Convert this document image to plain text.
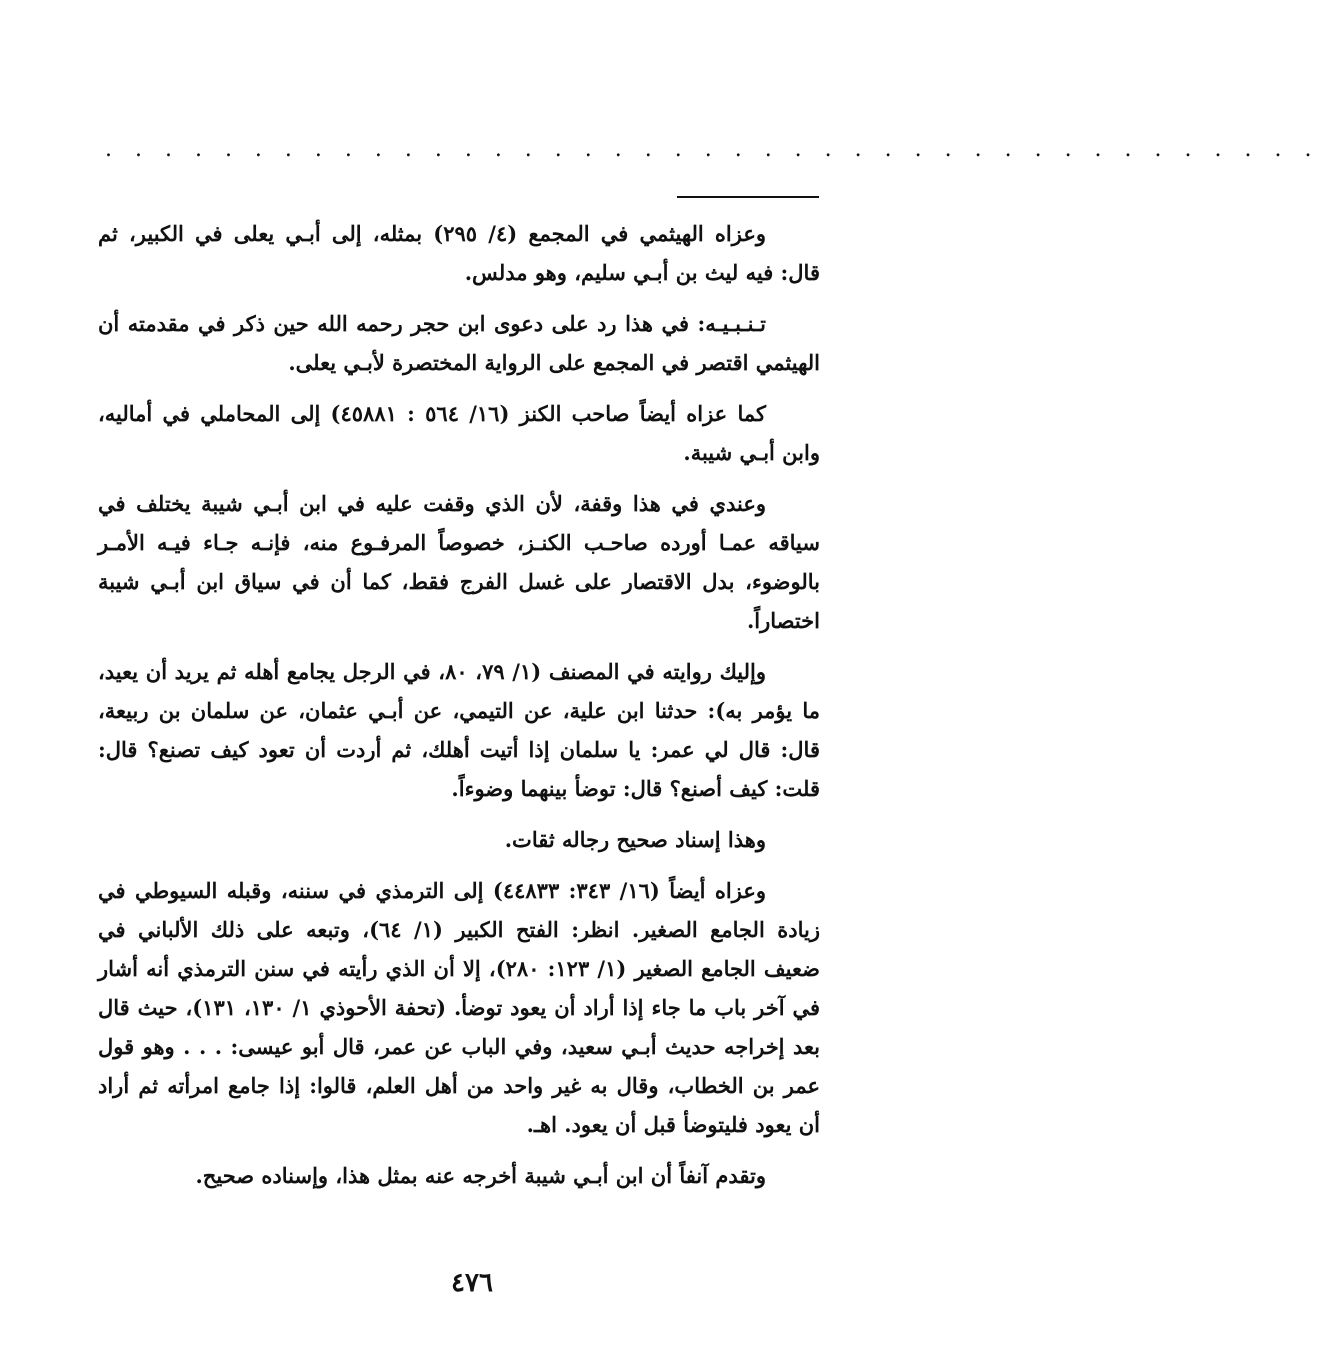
. . . . . . . . . . . . . . . . . . . . . . . . . . . . . . . . . . . . . . . . .

وعزاه الهيثمي في المجمع (٤/ ٢٩٥) بمثله، إلى أبـي يعلى في الكبير، ثم قال: فيه ليث بن أبـي سليم، وهو مدلس.

تـنـبـيـه: في هذا رد على دعوى ابن حجر رحمه الله حين ذكر في مقدمته أن الهيثمي اقتصر في المجمع على الرواية المختصرة لأبـي يعلى.

كما عزاه أيضاً صاحب الكنز (١٦/ ٥٦٤ : ٤٥٨٨١) إلى المحاملي في أماليه، وابن أبـي شيبة.

وعندي في هذا وقفة، لأن الذي وقفت عليه في ابن أبـي شيبة يختلف في سياقه عمـا أورده صاحـب الكنـز، خصوصاً المرفـوع منه، فإنـه جـاء فيـه الأمـر بالوضوء، بدل الاقتصار على غسل الفرج فقط، كما أن في سياق ابن أبـي شيبة اختصاراً.

وإليك روايته في المصنف (١/ ٧٩، ٨٠، في الرجل يجامع أهله ثم يريد أن يعيد، ما يؤمر به): حدثنا ابن علية، عن التيمي، عن أبـي عثمان، عن سلمان بن ربيعة، قال: قال لي عمر: يا سلمان إذا أتيت أهلك، ثم أردت أن تعود كيف تصنع؟ قال: قلت: كيف أصنع؟ قال: توضأ بينهما وضوءاً.

وهذا إسناد صحيح رجاله ثقات.

وعزاه أيضاً (١٦/ ٣٤٣: ٤٤٨٣٣) إلى الترمذي في سننه، وقبله السيوطي في زيادة الجامع الصغير. انظر: الفتح الكبير (١/ ٦٤)، وتبعه على ذلك الألباني في ضعيف الجامع الصغير (١/ ١٢٣: ٢٨٠)، إلا أن الذي رأيته في سنن الترمذي أنه أشار في آخر باب ما جاء إذا أراد أن يعود توضأ. (تحفة الأحوذي ١/ ١٣٠، ١٣١)، حيث قال بعد إخراجه حديث أبـي سعيد، وفي الباب عن عمر، قال أبو عيسى: . . . وهو قول عمر بن الخطاب، وقال به غير واحد من أهل العلم، قالوا: إذا جامع امرأته ثم أراد أن يعود فليتوضأ قبل أن يعود. اهـ.

وتقدم آنفاً أن ابن أبـي شيبة أخرجه عنه بمثل هذا، وإسناده صحيح.

٤٧٦
